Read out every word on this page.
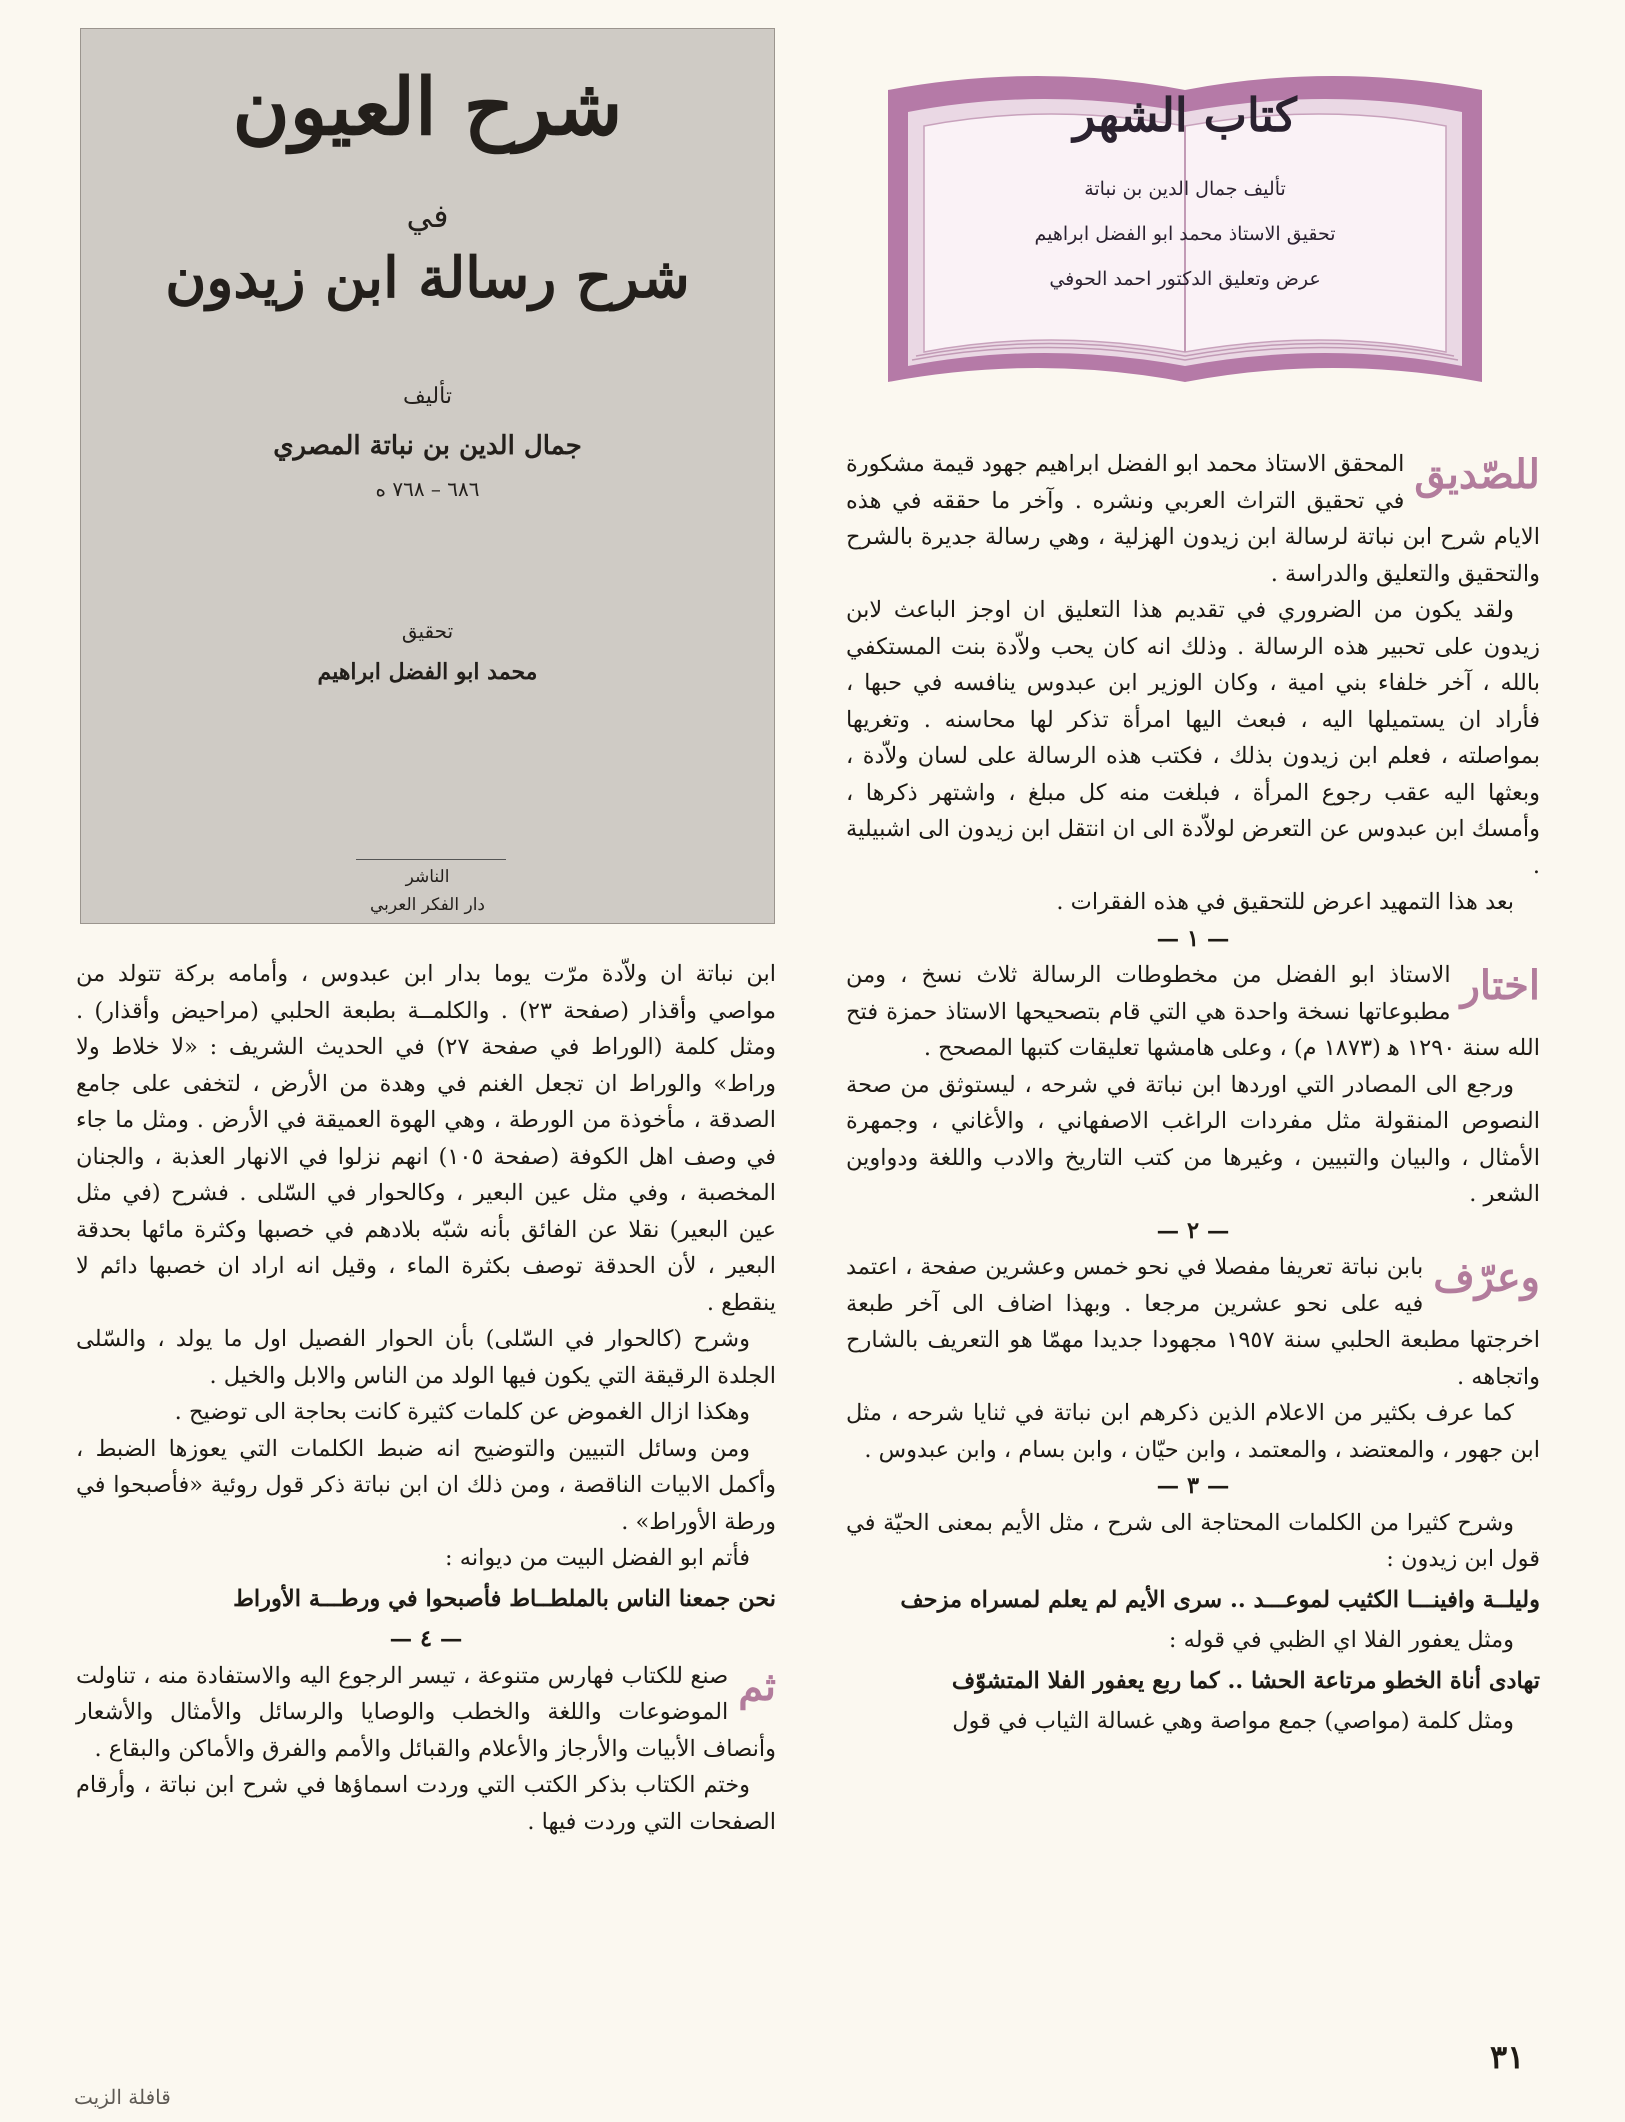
شرح العيون
في
شرح رسالة ابن زيدون
تأليف
جمال الدين بن نباتة المصري
٦٨٦ – ٧٦٨ ه
تحقيق
محمد ابو الفضل ابراهيم
الناشر
دار الفكر العربي
كتاب الشهر
تأليف جمال الدين بن نباتة
تحقيق الاستاذ محمد ابو الفضل ابراهيم
عرض وتعليق الدكتور احمد الحوفي
للصّديق

المحقق الاستاذ محمد ابو الفضل ابراهيم جهود قيمة مشكورة في تحقيق التراث العربي ونشره . وآخر ما حققه في هذه الايام شرح ابن نباتة لرسالة ابن زيدون الهزلية ، وهي رسالة جديرة بالشرح والتحقيق والتعليق والدراسة .

ولقد يكون من الضروري في تقديم هذا التعليق ان اوجز الباعث لابن زيدون على تحبير هذه الرسالة . وذلك انه كان يحب ولاّدة بنت المستكفي بالله ، آخر خلفاء بني امية ، وكان الوزير ابن عبدوس ينافسه في حبها ، فأراد ان يستميلها اليه ، فبعث اليها امرأة تذكر لها محاسنه . وتغريها بمواصلته ، فعلم ابن زيدون بذلك ، فكتب هذه الرسالة على لسان ولاّدة ، وبعثها اليه عقب رجوع المرأة ، فبلغت منه كل مبلغ ، واشتهر ذكرها ، وأمسك ابن عبدوس عن التعرض لولاّدة الى ان انتقل ابن زيدون الى اشبيلية .

بعد هذا التمهيد اعرض للتحقيق في هذه الفقرات .

— ١ —

اختار

الاستاذ ابو الفضل من مخطوطات الرسالة ثلاث نسخ ، ومن مطبوعاتها نسخة واحدة هي التي قام بتصحيحها الاستاذ حمزة فتح الله سنة ١٢٩٠ ﻫ (١٨٧٣ م) ، وعلى هامشها تعليقات كتبها المصحح .

ورجع الى المصادر التي اوردها ابن نباتة في شرحه ، ليستوثق من صحة النصوص المنقولة مثل مفردات الراغب الاصفهاني ، والأغاني ، وجمهرة الأمثال ، والبيان والتبيين ، وغيرها من كتب التاريخ والادب واللغة ودواوين الشعر .

— ٢ —

وعرّف

بابن نباتة تعريفا مفصلا في نحو خمس وعشرين صفحة ، اعتمد فيه على نحو عشرين مرجعا . وبهذا اضاف الى آخر طبعة اخرجتها مطبعة الحلبي سنة ١٩٥٧ مجهودا جديدا مهمّا هو التعريف بالشارح واتجاهه .

كما عرف بكثير من الاعلام الذين ذكرهم ابن نباتة في ثنايا شرحه ، مثل ابن جهور ، والمعتضد ، والمعتمد ، وابن حيّان ، وابن بسام ، وابن عبدوس .

— ٣ —

وشرح كثيرا من الكلمات المحتاجة الى شرح ، مثل الأيم بمعنى الحيّة في قول ابن زيدون :

وليلــة وافينـــا الكثيب لموعـــد .. سرى الأيم لم يعلم لمسراه مزحف

ومثل يعفور الفلا اي الظبي في قوله :

تهادى أناة الخطو مرتاعة الحشا .. كما ربع يعفور الفلا المتشوّف

ومثل كلمة (مواصي) جمع مواصة وهي غسالة الثياب في قول

ابن نباتة ان ولاّدة مرّت يوما بدار ابن عبدوس ، وأمامه بركة تتولد من مواصي وأقذار (صفحة ٢٣) . والكلمــة بطبعة الحلبي (مراحيض وأقذار) . ومثل كلمة (الوراط في صفحة ٢٧) في الحديث الشريف : «لا خلاط ولا وراط» والوراط ان تجعل الغنم في وهدة من الأرض ، لتخفى على جامع الصدقة ، مأخوذة من الورطة ، وهي الهوة العميقة في الأرض . ومثل ما جاء في وصف اهل الكوفة (صفحة ١٠٥) انهم نزلوا في الانهار العذبة ، والجنان المخصبة ، وفي مثل عين البعير ، وكالحوار في السّلى . فشرح (في مثل عين البعير) نقلا عن الفائق بأنه شبّه بلادهم في خصبها وكثرة مائها بحدقة البعير ، لأن الحدقة توصف بكثرة الماء ، وقيل انه اراد ان خصبها دائم لا ينقطع .

وشرح (كالحوار في السّلى) بأن الحوار الفصيل اول ما يولد ، والسّلى الجلدة الرقيقة التي يكون فيها الولد من الناس والابل والخيل .

وهكذا ازال الغموض عن كلمات كثيرة كانت بحاجة الى توضيح .

ومن وسائل التبيين والتوضيح انه ضبط الكلمات التي يعوزها الضبط ، وأكمل الابيات الناقصة ، ومن ذلك ان ابن نباتة ذكر قول روئية «فأصبحوا في ورطة الأوراط» .

فأتم ابو الفضل البيت من ديوانه :

نحن جمعنا الناس بالملطــاط فأصبحوا في ورطـــة الأوراط

— ٤ —

ثم

صنع للكتاب فهارس متنوعة ، تيسر الرجوع اليه والاستفادة منه ، تناولت الموضوعات واللغة والخطب والوصايا والرسائل والأمثال والأشعار وأنصاف الأبيات والأرجاز والأعلام والقبائل والأمم والفرق والأماكن والبقاع .

وختم الكتاب بذكر الكتب التي وردت اسماؤها في شرح ابن نباتة ، وأرقام الصفحات التي وردت فيها .

٣١
قافلة الزيت
